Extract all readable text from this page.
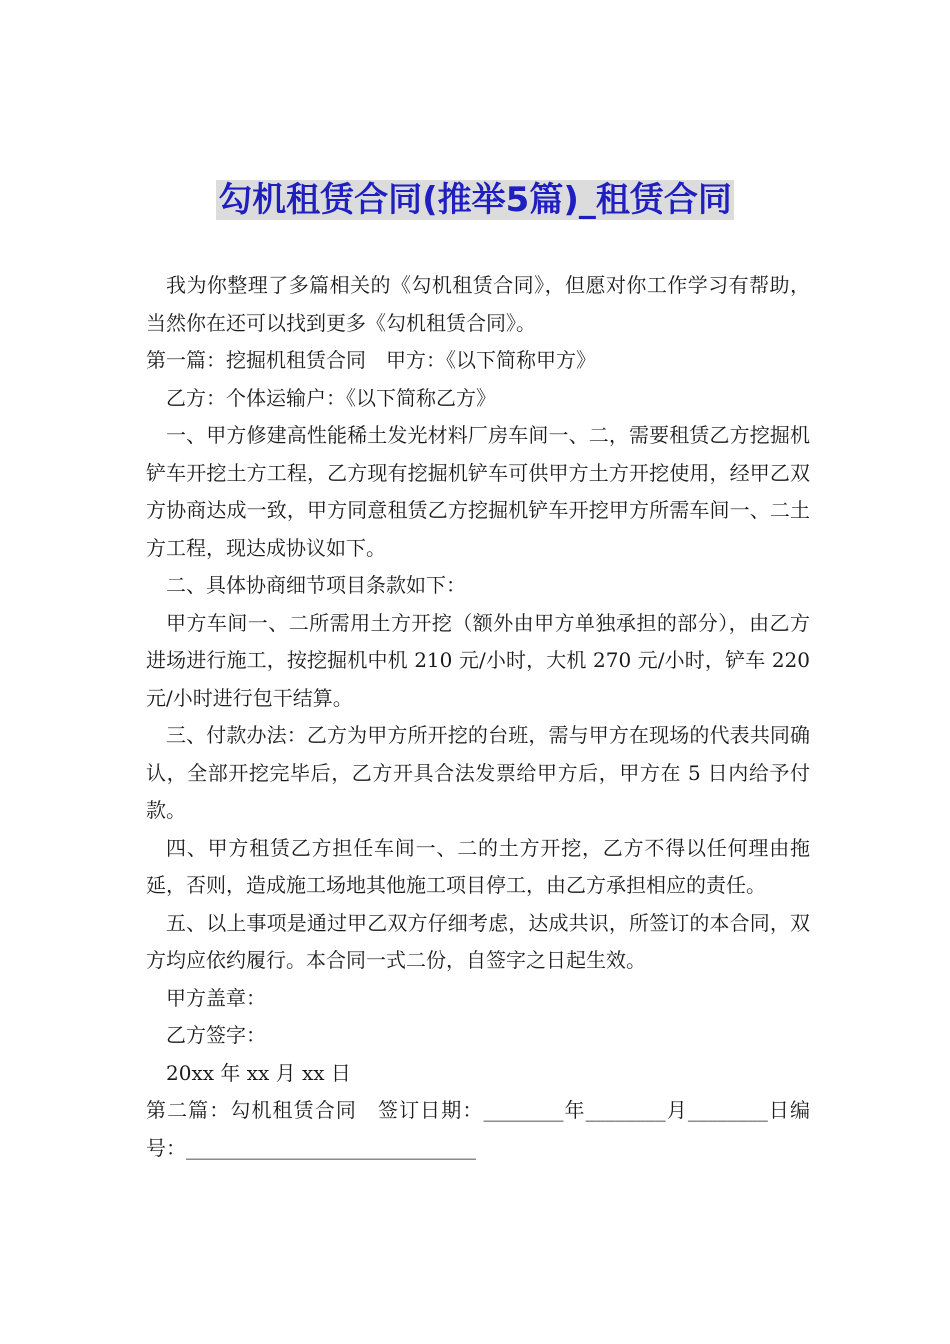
勾机租赁合同(推举5篇)_租赁合同

我为你整理了多篇相关的《勾机租赁合同》，但愿对你工作学习有帮助，当然你在还可以找到更多《勾机租赁合同》。

第一篇：挖掘机租赁合同　甲方：《以下简称甲方》

乙方：个体运输户：《以下简称乙方》

一、甲方修建高性能稀土发光材料厂房车间一、二，需要租赁乙方挖掘机铲车开挖土方工程，乙方现有挖掘机铲车可供甲方土方开挖使用，经甲乙双方协商达成一致，甲方同意租赁乙方挖掘机铲车开挖甲方所需车间一、二土方工程，现达成协议如下。

二、具体协商细节项目条款如下：

甲方车间一、二所需用土方开挖（额外由甲方单独承担的部分），由乙方进场进行施工，按挖掘机中机 210 元/小时，大机 270 元/小时，铲车 220 元/小时进行包干结算。

三、付款办法：乙方为甲方所开挖的台班，需与甲方在现场的代表共同确认，全部开挖完毕后，乙方开具合法发票给甲方后，甲方在 5 日内给予付款。

四、甲方租赁乙方担任车间一、二的土方开挖，乙方不得以任何理由拖延，否则，造成施工场地其他施工项目停工，由乙方承担相应的责任。

五、以上事项是通过甲乙双方仔细考虑，达成共识，所签订的本合同，双方均应依约履行。本合同一式二份，自签字之日起生效。

甲方盖章：

乙方签字：

20xx 年 xx 月 xx 日

第二篇：勾机租赁合同　签订日期：________年________月________日编号：_____________________________
